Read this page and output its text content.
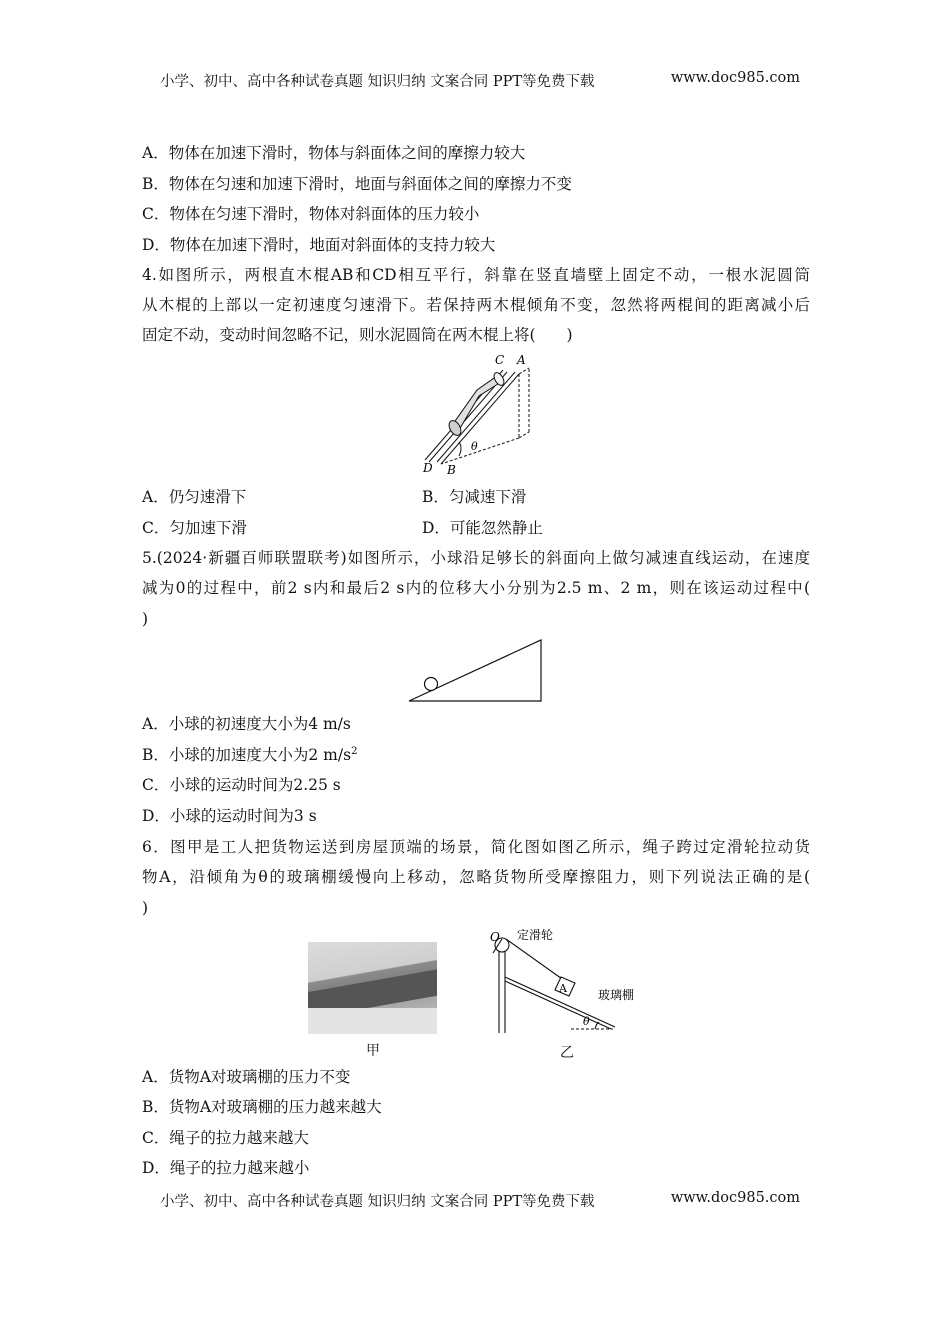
小学、初中、高中各种试卷真题 知识归纳 文案合同 PPT等免费下载	www.doc985.com
A．物体在加速下滑时，物体与斜面体之间的摩擦力较大
B．物体在匀速和加速下滑时，地面与斜面体之间的摩擦力不变
C．物体在匀速下滑时，物体对斜面体的压力较小
D．物体在加速下滑时，地面对斜面体的支持力较大
4.如图所示，两根直木棍AB和CD相互平行，斜靠在竖直墙壁上固定不动，一根水泥圆筒
从木棍的上部以一定初速度匀速滑下。若保持两木棍倾角不变，忽然将两棍间的距离减小后
固定不动，变动时间忽略不记，则水泥圆筒在两木棍上将(　　)
C A
D B
θ
A．仍匀速滑下	B．匀减速下滑
C．匀加速下滑	D．可能忽然静止
5.(2024·新疆百师联盟联考)如图所示，小球沿足够长的斜面向上做匀减速直线运动，在速度
减为0的过程中，前2 s内和最后2 s内的位移大小分别为2.5 m、2 m，则在该运动过程中(
)
A．小球的初速度大小为4 m/s
B．小球的加速度大小为2 $m/s^2$
C．小球的运动时间为2.25 s
D．小球的运动时间为3 s
6．图甲是工人把货物运送到房屋顶端的场景，简化图如图乙所示，绳子跨过定滑轮拉动货
物A，沿倾角为θ的玻璃棚缓慢向上移动，忽略货物所受摩擦阻力，则下列说法正确的是(
)
甲
O 定滑轮
A	玻璃棚
θ
乙
A．货物A对玻璃棚的压力不变
B．货物A对玻璃棚的压力越来越大
C．绳子的拉力越来越大
D．绳子的拉力越来越小
小学、初中、高中各种试卷真题 知识归纳 文案合同 PPT等免费下载	www.doc985.com
